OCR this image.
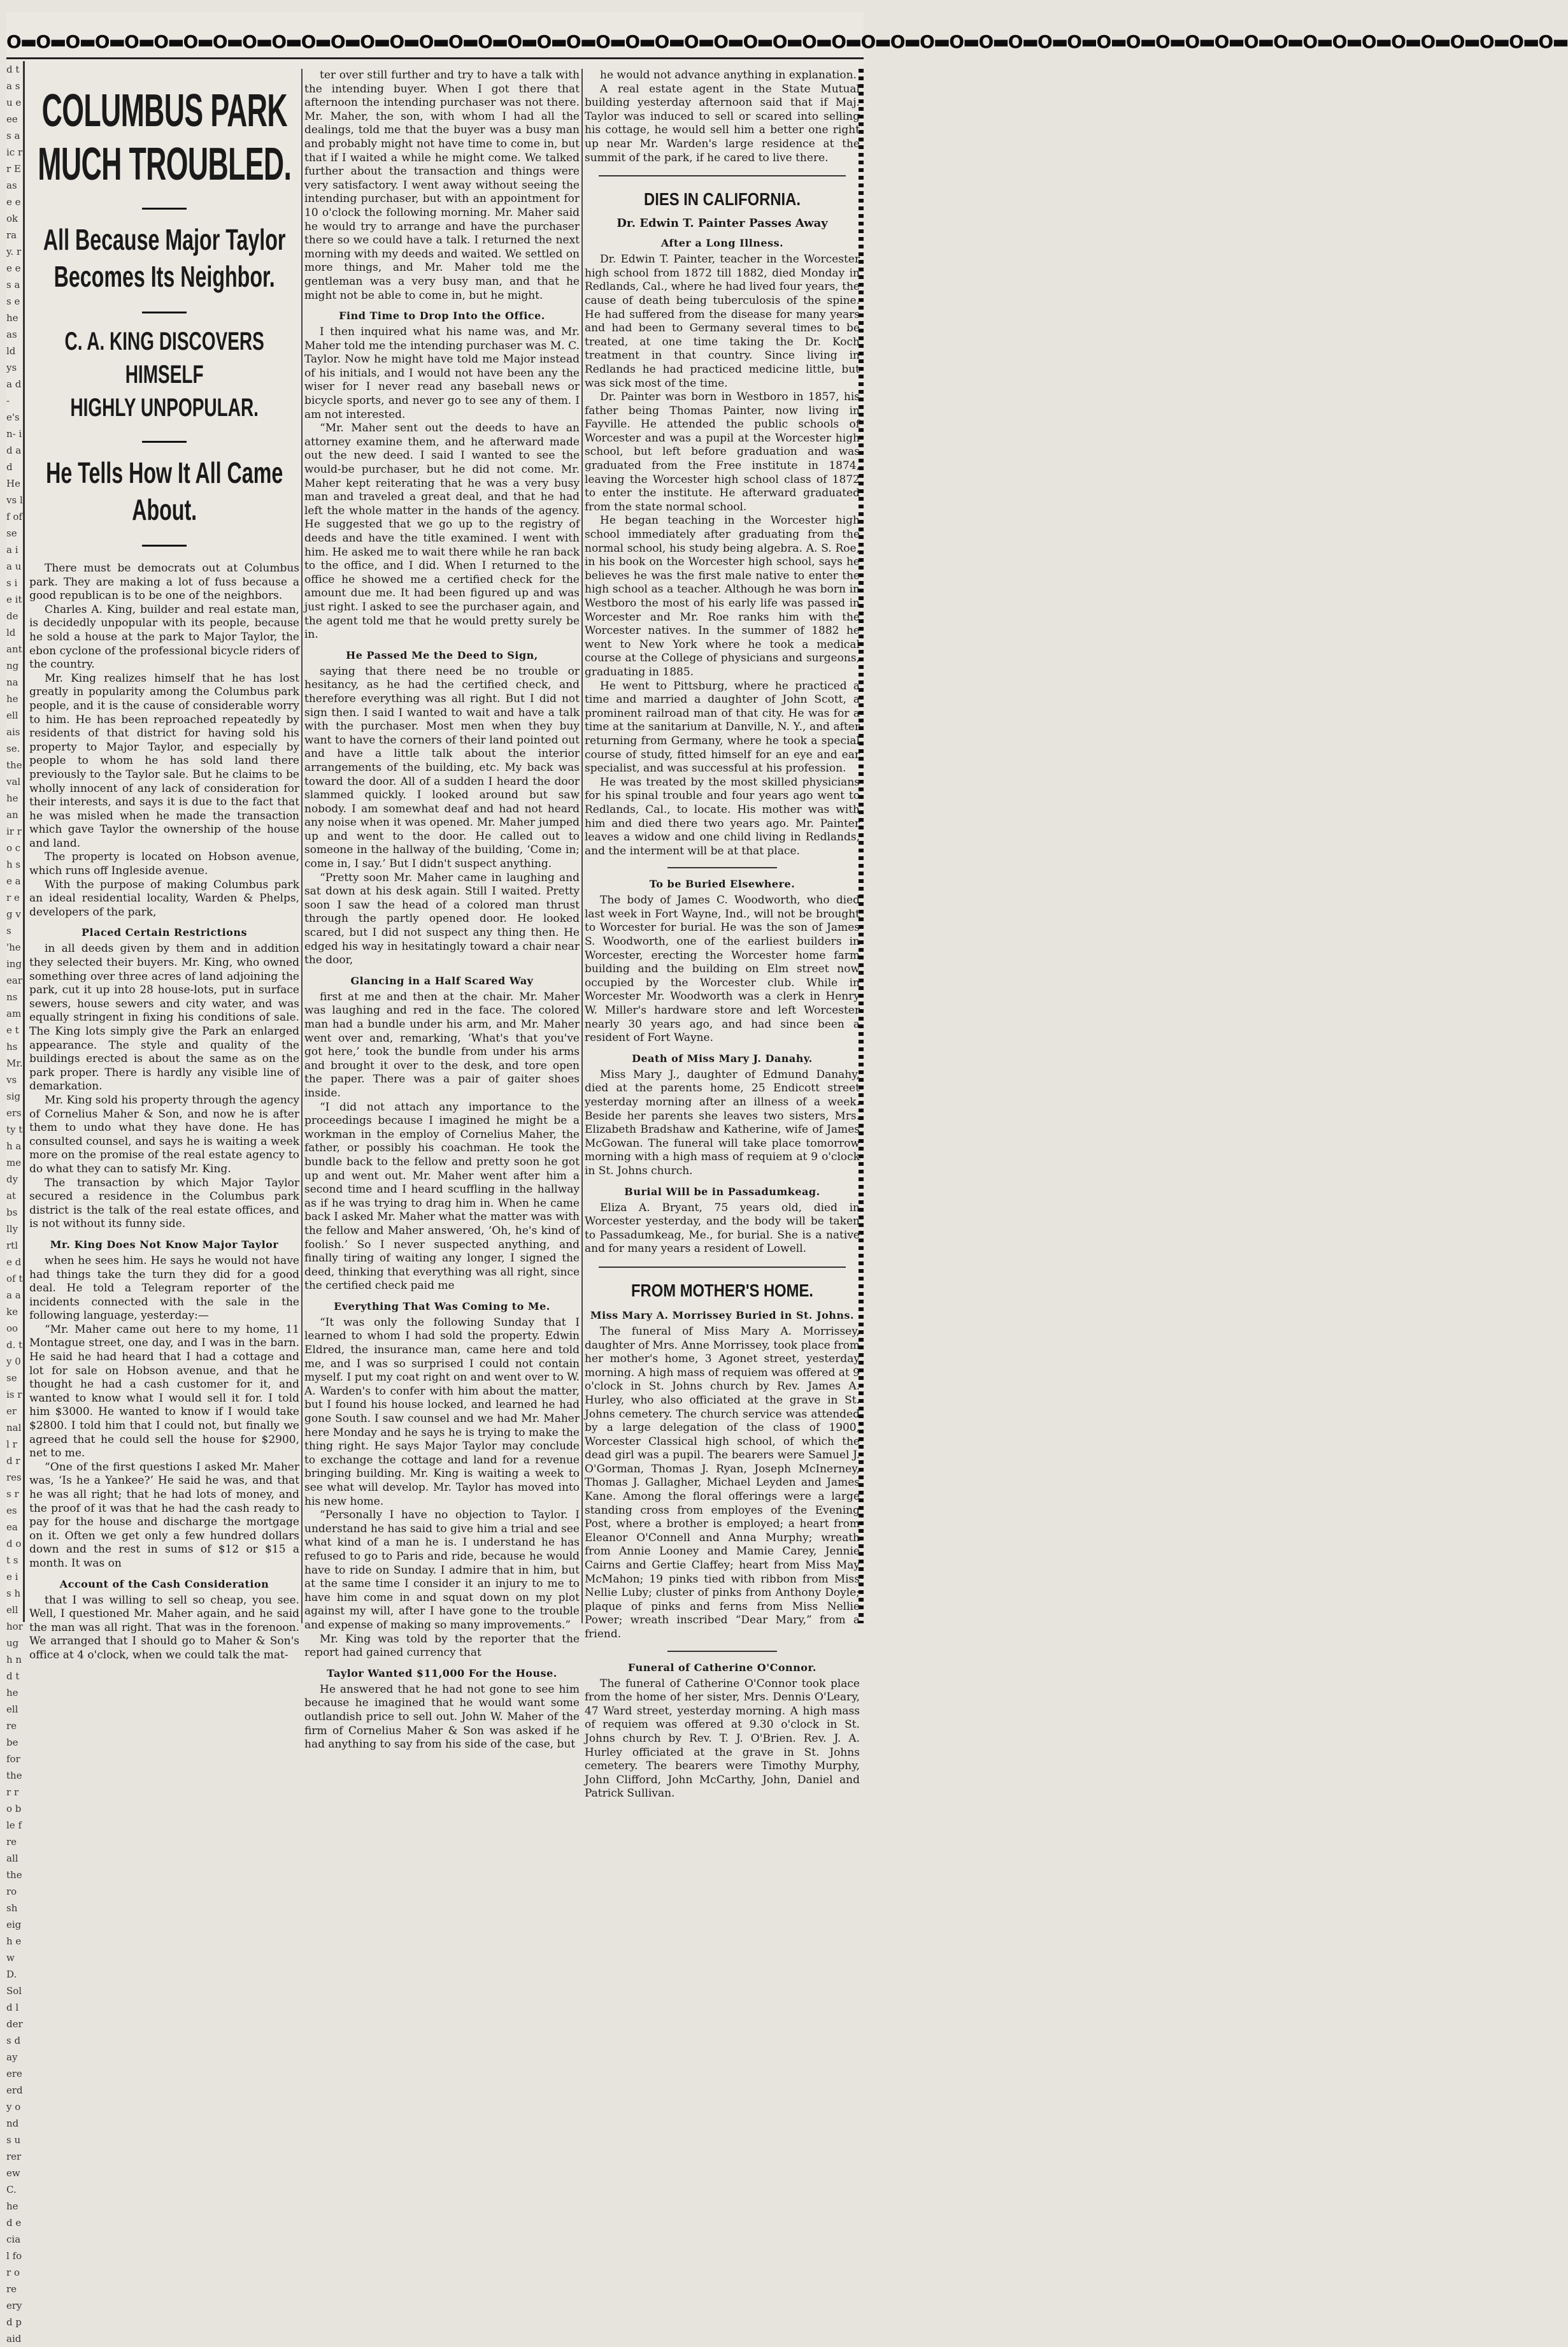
O▬O▬O▬O▬O▬O▬O▬O▬O▬O▬O▬O▬O▬O▬O▬O▬O▬O▬O▬O▬O▬O▬O▬O▬O▬O▬O▬O▬O▬O▬O▬O▬O▬O▬O▬O▬O▬O▬O▬O▬O▬O▬O▬O▬O▬O▬O▬O▬O▬O▬O▬O▬O▬
d t a s u e ee s a ic r r E as e e ok ra y. re es as e he as ld ys a d- e's n- id ad He vs lf of se a ia us ie it de ld ant ng na he ell ais se. the val he an ir ro ch se ar eg vs 'he ing ear ns ame ths Mr. vs sig ers ty th ame dy at bs lly rtle d of ta ake ood. ty 0 se is rer nall rd r ress res ead ot se is hell hor ugh nd the ell re be for ther ro ble fre all the ro sh eigh ew D. Sold lders day ere erdy ond s urer ew C. he d ecial for ore ery d paid
COLUMBUS PARK
MUCH TROUBLED.
All Because Major Taylor
Becomes Its Neighbor.
C. A. KING DISCOVERS HIMSELF
HIGHLY UNPOPULAR.
He Tells How It All Came
About.

There must be democrats out at Columbus park. They are making a lot of fuss because a good republican is to be one of the neighbors.

Charles A. King, builder and real estate man, is decidedly unpopular with its people, because he sold a house at the park to Major Taylor, the ebon cyclone of the professional bicycle riders of the country.

Mr. King realizes himself that he has lost greatly in popularity among the Columbus park people, and it is the cause of considerable worry to him. He has been reproached repeatedly by residents of that district for having sold his property to Major Taylor, and especially by people to whom he has sold land there previously to the Taylor sale. But he claims to be wholly innocent of any lack of consideration for their interests, and says it is due to the fact that he was misled when he made the transaction which gave Taylor the ownership of the house and land.

The property is located on Hobson avenue, which runs off Ingleside avenue.

With the purpose of making Columbus park an ideal residential locality, Warden & Phelps, developers of the park,

Placed Certain Restrictions

in all deeds given by them and in addition they selected their buyers. Mr. King, who owned something over three acres of land adjoining the park, cut it up into 28 house-lots, put in surface sewers, house sewers and city water, and was equally stringent in fixing his conditions of sale. The King lots simply give the Park an enlarged appearance. The style and quality of the buildings erected is about the same as on the park proper. There is hardly any visible line of demarkation.

Mr. King sold his property through the agency of Cornelius Maher & Son, and now he is after them to undo what they have done. He has consulted counsel, and says he is waiting a week more on the promise of the real estate agency to do what they can to satisfy Mr. King.

The transaction by which Major Taylor secured a residence in the Columbus park district is the talk of the real estate offices, and is not without its funny side.

Mr. King Does Not Know Major Taylor

when he sees him. He says he would not have had things take the turn they did for a good deal. He told a Telegram reporter of the incidents connected with the sale in the following language, yesterday:—

“Mr. Maher came out here to my home, 11 Montague street, one day, and I was in the barn. He said he had heard that I had a cottage and lot for sale on Hobson avenue, and that he thought he had a cash customer for it, and wanted to know what I would sell it for. I told him $3000. He wanted to know if I would take $2800. I told him that I could not, but finally we agreed that he could sell the house for $2900, net to me.

“One of the first questions I asked Mr. Maher was, ‘Is he a Yankee?’ He said he was, and that he was all right; that he had lots of money, and the proof of it was that he had the cash ready to pay for the house and discharge the mortgage on it. Often we get only a few hundred dollars down and the rest in sums of $12 or $15 a month. It was on

Account of the Cash Consideration

that I was willing to sell so cheap, you see. Well, I questioned Mr. Maher again, and he said the man was all right. That was in the forenoon. We arranged that I should go to Maher & Son's office at 4 o'clock, when we could talk the mat-

ter over still further and try to have a talk with the intending buyer. When I got there that afternoon the intending purchaser was not there. Mr. Maher, the son, with whom I had all the dealings, told me that the buyer was a busy man and probably might not have time to come in, but that if I waited a while he might come. We talked further about the transaction and things were very satisfactory. I went away without seeing the intending purchaser, but with an appointment for 10 o'clock the following morning. Mr. Maher said he would try to arrange and have the purchaser there so we could have a talk. I returned the next morning with my deeds and waited. We settled on more things, and Mr. Maher told me the gentleman was a very busy man, and that he might not be able to come in, but he might.

Find Time to Drop Into the Office.

I then inquired what his name was, and Mr. Maher told me the intending purchaser was M. C. Taylor. Now he might have told me Major instead of his initials, and I would not have been any the wiser for I never read any baseball news or bicycle sports, and never go to see any of them. I am not interested.

“Mr. Maher sent out the deeds to have an attorney examine them, and he afterward made out the new deed. I said I wanted to see the would-be purchaser, but he did not come. Mr. Maher kept reiterating that he was a very busy man and traveled a great deal, and that he had left the whole matter in the hands of the agency. He suggested that we go up to the registry of deeds and have the title examined. I went with him. He asked me to wait there while he ran back to the office, and I did. When I returned to the office he showed me a certified check for the amount due me. It had been figured up and was just right. I asked to see the purchaser again, and the agent told me that he would pretty surely be in.

He Passed Me the Deed to Sign,

saying that there need be no trouble or hesitancy, as he had the certified check, and therefore everything was all right. But I did not sign then. I said I wanted to wait and have a talk with the purchaser. Most men when they buy want to have the corners of their land pointed out and have a little talk about the interior arrangements of the building, etc. My back was toward the door. All of a sudden I heard the door slammed quickly. I looked around but saw nobody. I am somewhat deaf and had not heard any noise when it was opened. Mr. Maher jumped up and went to the door. He called out to someone in the hallway of the building, ‘Come in; come in, I say.’ But I didn't suspect anything.

“Pretty soon Mr. Maher came in laughing and sat down at his desk again. Still I waited. Pretty soon I saw the head of a colored man thrust through the partly opened door. He looked scared, but I did not suspect any thing then. He edged his way in hesitatingly toward a chair near the door,

Glancing in a Half Scared Way

first at me and then at the chair. Mr. Maher was laughing and red in the face. The colored man had a bundle under his arm, and Mr. Maher went over and, remarking, ‘What's that you've got here,’ took the bundle from under his arms and brought it over to the desk, and tore open the paper. There was a pair of gaiter shoes inside.

“I did not attach any importance to the proceedings because I imagined he might be a workman in the employ of Cornelius Maher, the father, or possibly his coachman. He took the bundle back to the fellow and pretty soon he got up and went out. Mr. Maher went after him a second time and I heard scuffling in the hallway as if he was trying to drag him in. When he came back I asked Mr. Maher what the matter was with the fellow and Maher answered, ‘Oh, he's kind of foolish.’ So I never suspected anything, and finally tiring of waiting any longer, I signed the deed, thinking that everything was all right, since the certified check paid me

Everything That Was Coming to Me.

“It was only the following Sunday that I learned to whom I had sold the property. Edwin Eldred, the insurance man, came here and told me, and I was so surprised I could not contain myself. I put my coat right on and went over to W. A. Warden's to confer with him about the matter, but I found his house locked, and learned he had gone South. I saw counsel and we had Mr. Maher here Monday and he says he is trying to make the thing right. He says Major Taylor may conclude to exchange the cottage and land for a revenue bringing building. Mr. King is waiting a week to see what will develop. Mr. Taylor has moved into his new home.

“Personally I have no objection to Taylor. I understand he has said to give him a trial and see what kind of a man he is. I understand he has refused to go to Paris and ride, because he would have to ride on Sunday. I admire that in him, but at the same time I consider it an injury to me to have him come in and squat down on my plot against my will, after I have gone to the trouble and expense of making so many improvements.”

Mr. King was told by the reporter that the report had gained currency that

Taylor Wanted $11,000 For the House.

He answered that he had not gone to see him because he imagined that he would want some outlandish price to sell out. John W. Maher of the firm of Cornelius Maher & Son was asked if he had anything to say from his side of the case, but

he would not advance anything in explanation.

A real estate agent in the State Mutual building yesterday afternoon said that if Maj. Taylor was induced to sell or scared into selling his cottage, he would sell him a better one right up near Mr. Warden's large residence at the summit of the park, if he cared to live there.

DIES IN CALIFORNIA.
Dr. Edwin T. Painter Passes Away
After a Long Illness.

Dr. Edwin T. Painter, teacher in the Worcester high school from 1872 till 1882, died Monday in Redlands, Cal., where he had lived four years, the cause of death being tuberculosis of the spine. He had suffered from the disease for many years and had been to Germany several times to be treated, at one time taking the Dr. Koch treatment in that country. Since living in Redlands he had practiced medicine little, but was sick most of the time.

Dr. Painter was born in Westboro in 1857, his father being Thomas Painter, now living in Fayville. He attended the public schools of Worcester and was a pupil at the Worcester high school, but left before graduation and was graduated from the Free institute in 1874, leaving the Worcester high school class of 1872 to enter the institute. He afterward graduated from the state normal school.

He began teaching in the Worcester high school immediately after graduating from the normal school, his study being algebra. A. S. Roe, in his book on the Worcester high school, says he believes he was the first male native to enter the high school as a teacher. Although he was born in Westboro the most of his early life was passed in Worcester and Mr. Roe ranks him with the Worcester natives. In the summer of 1882 he went to New York where he took a medical course at the College of physicians and surgeons, graduating in 1885.

He went to Pittsburg, where he practiced a time and married a daughter of John Scott, a prominent railroad man of that city. He was for a time at the sanitarium at Danville, N. Y., and after returning from Germany, where he took a special course of study, fitted himself for an eye and ear specialist, and was successful at his profession.

He was treated by the most skilled physicians for his spinal trouble and four years ago went to Redlands, Cal., to locate. His mother was with him and died there two years ago. Mr. Painter leaves a widow and one child living in Redlands, and the interment will be at that place.

To be Buried Elsewhere.

The body of James C. Woodworth, who died last week in Fort Wayne, Ind., will not be brought to Worcester for burial. He was the son of James S. Woodworth, one of the earliest builders in Worcester, erecting the Worcester home farm building and the building on Elm street now occupied by the Worcester club. While in Worcester Mr. Woodworth was a clerk in Henry W. Miller's hardware store and left Worcester nearly 30 years ago, and had since been a resident of Fort Wayne.

Death of Miss Mary J. Danahy.

Miss Mary J., daughter of Edmund Danahy, died at the parents home, 25 Endicott street yesterday morning after an illness of a week. Beside her parents she leaves two sisters, Mrs. Elizabeth Bradshaw and Katherine, wife of James McGowan. The funeral will take place tomorrow morning with a high mass of requiem at 9 o'clock in St. Johns church.

Burial Will be in Passadumkeag.

Eliza A. Bryant, 75 years old, died in Worcester yesterday, and the body will be taken to Passadumkeag, Me., for burial. She is a native and for many years a resident of Lowell.

FROM MOTHER'S HOME.
Miss Mary A. Morrissey Buried in St. Johns.

The funeral of Miss Mary A. Morrissey, daughter of Mrs. Anne Morrissey, took place from her mother's home, 3 Agonet street, yesterday morning. A high mass of requiem was offered at 9 o'clock in St. Johns church by Rev. James A. Hurley, who also officiated at the grave in St. Johns cemetery. The church service was attended by a large delegation of the class of 1900, Worcester Classical high school, of which the dead girl was a pupil. The bearers were Samuel J. O'Gorman, Thomas J. Ryan, Joseph McInerney, Thomas J. Gallagher, Michael Leyden and James Kane. Among the floral offerings were a large standing cross from employes of the Evening Post, where a brother is employed; a heart from Eleanor O'Connell and Anna Murphy; wreath from Annie Looney and Mamie Carey, Jennie Cairns and Gertie Claffey; heart from Miss May McMahon; 19 pinks tied with ribbon from Miss Nellie Luby; cluster of pinks from Anthony Doyle; plaque of pinks and ferns from Miss Nellie Power; wreath inscribed “Dear Mary,” from a friend.

Funeral of Catherine O'Connor.

The funeral of Catherine O'Connor took place from the home of her sister, Mrs. Dennis O'Leary, 47 Ward street, yesterday morning. A high mass of requiem was offered at 9.30 o'clock in St. Johns church by Rev. T. J. O'Brien. Rev. J. A. Hurley officiated at the grave in St. Johns cemetery. The bearers were Timothy Murphy, John Clifford, John McCarthy, John, Daniel and Patrick Sullivan.
